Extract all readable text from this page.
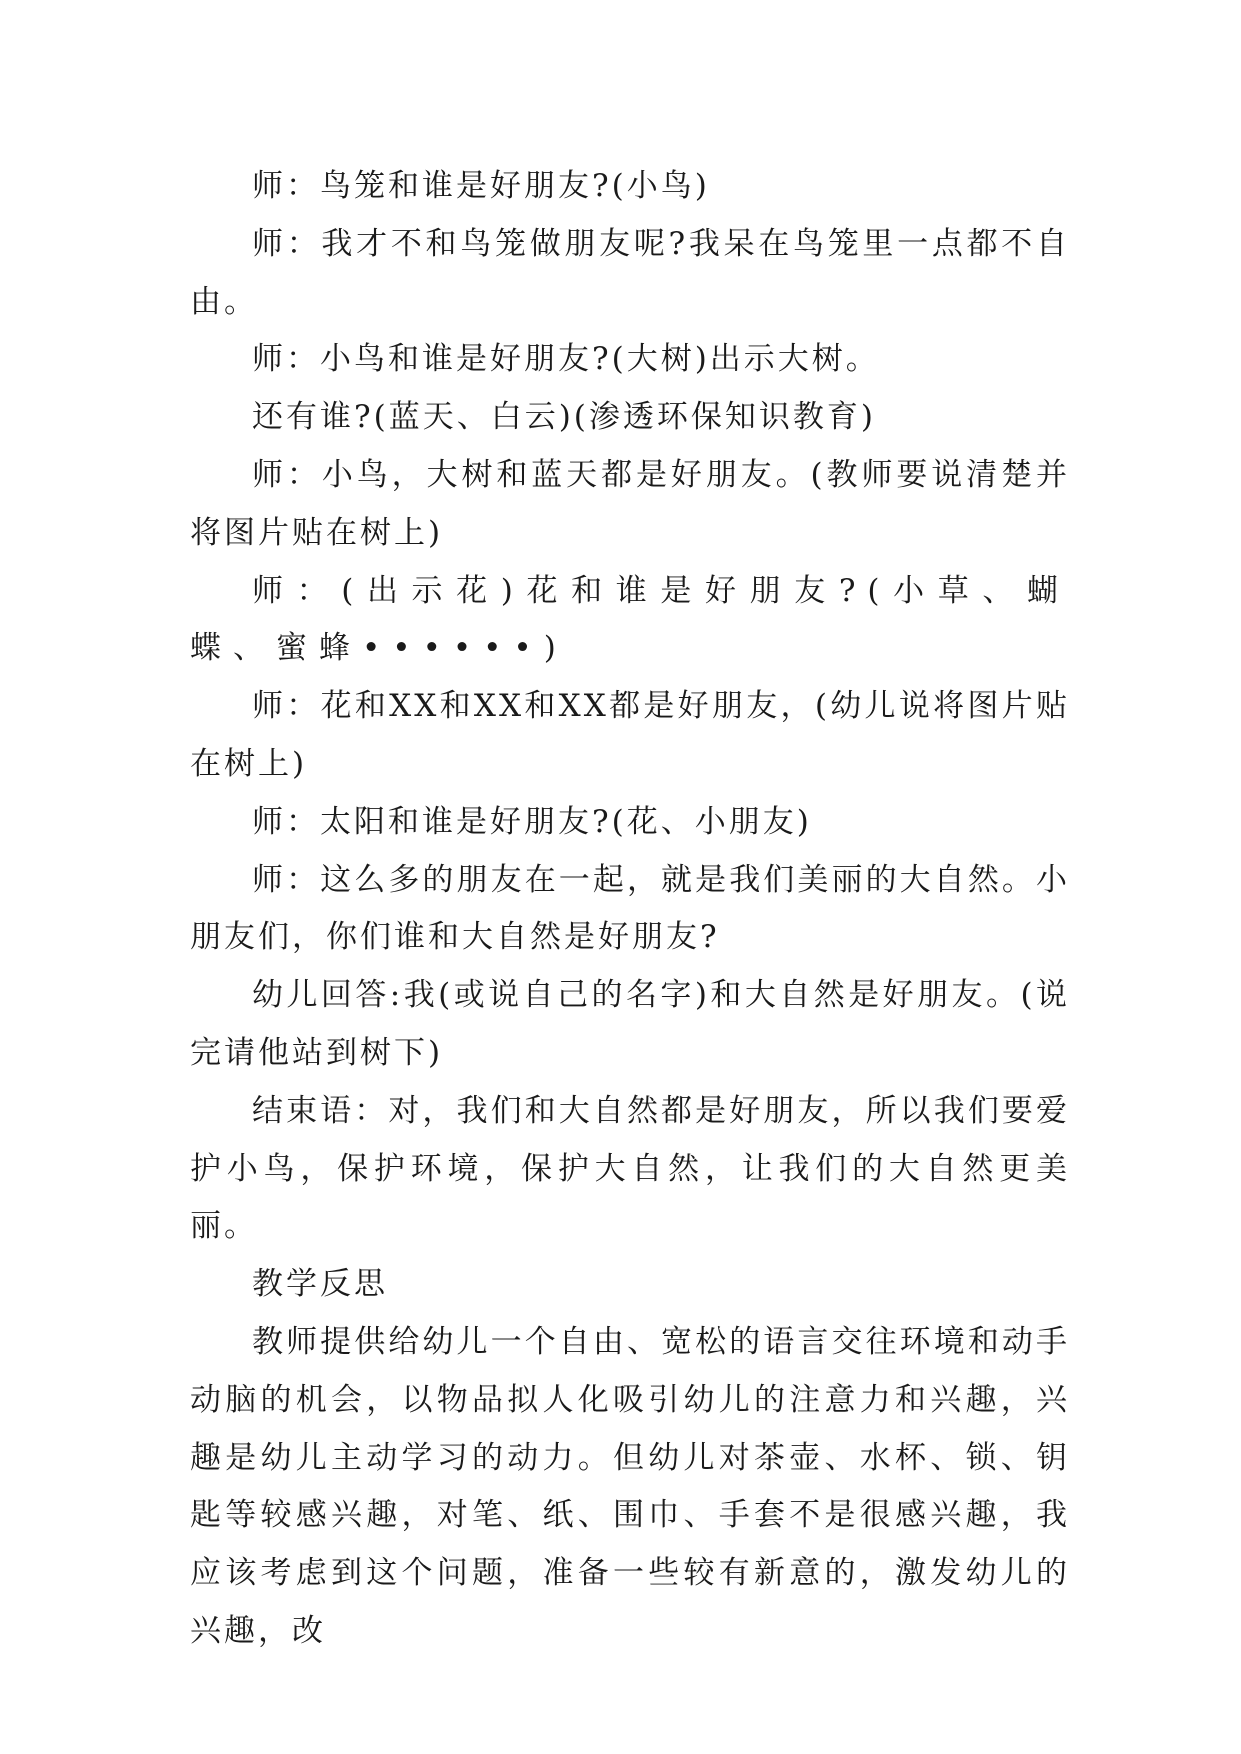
师：鸟笼和谁是好朋友?(小鸟)

师：我才不和鸟笼做朋友呢?我呆在鸟笼里一点都不自由。

师：小鸟和谁是好朋友?(大树)出示大树。

还有谁?(蓝天、白云)(渗透环保知识教育)

师：小鸟，大树和蓝天都是好朋友。(教师要说清楚并将图片贴在树上)

师：(出示花)花和谁是好朋友?(小草、蝴蝶、蜜蜂••••••)

师：花和XX和XX和XX都是好朋友，(幼儿说将图片贴在树上)

师：太阳和谁是好朋友?(花、小朋友)

师：这么多的朋友在一起，就是我们美丽的大自然。小朋友们，你们谁和大自然是好朋友?

幼儿回答:我(或说自己的名字)和大自然是好朋友。(说完请他站到树下)

结束语：对，我们和大自然都是好朋友，所以我们要爱护小鸟，保护环境，保护大自然，让我们的大自然更美丽。

教学反思

教师提供给幼儿一个自由、宽松的语言交往环境和动手动脑的机会，以物品拟人化吸引幼儿的注意力和兴趣，兴趣是幼儿主动学习的动力。但幼儿对茶壶、水杯、锁、钥匙等较感兴趣，对笔、纸、围巾、手套不是很感兴趣，我应该考虑到这个问题，准备一些较有新意的，激发幼儿的兴趣，改
